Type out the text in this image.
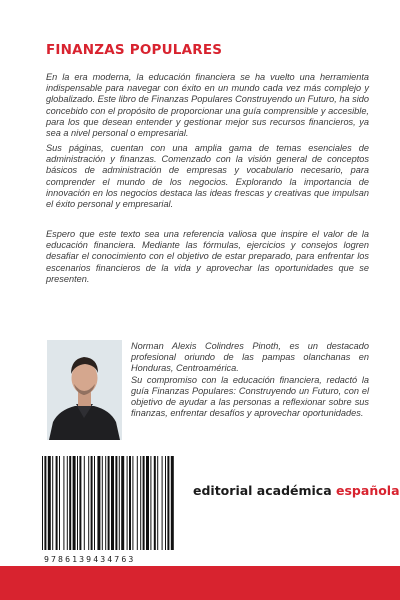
FINANZAS POPULARES

En la era moderna, la educación financiera se ha vuelto una herramienta indispensable para navegar con éxito en un mundo cada vez más complejo y globalizado. Este libro de Finanzas Populares Construyendo un Futuro, ha sido concebido con el propósito de proporcionar una guía comprensible y accesible, para los que desean entender y gestionar mejor sus recursos financieros, ya sea a nivel personal o empresarial.

Sus páginas, cuentan con una amplia gama de temas esenciales de administración y finanzas. Comenzado con la visión general de conceptos básicos de administración de empresas y vocabulario necesario, para comprender el mundo de los negocios. Explorando la importancia de innovación en los negocios destaca las ideas frescas y creativas que impulsan el éxito personal y empresarial.

Espero que este texto sea una referencia valiosa que inspire el valor de la educación financiera. Mediante las fórmulas, ejercicios y consejos logren desafiar el conocimiento con el objetivo de estar preparado, para enfrentar los escenarios financieros de la vida y aprovechar las oportunidades que se presenten.

Norman Alexis Colindres Pinoth, es un destacado profesional oriundo de las pampas olanchanas en Honduras, Centroamérica.

Su compromiso con la educación financiera, redactó la guía Finanzas Populares: Construyendo un Futuro, con el objetivo de ayudar a las personas a reflexionar sobre sus finanzas, enfrentar desafíos y aprovechar oportunidades.

9786139434763
editorial académica española
